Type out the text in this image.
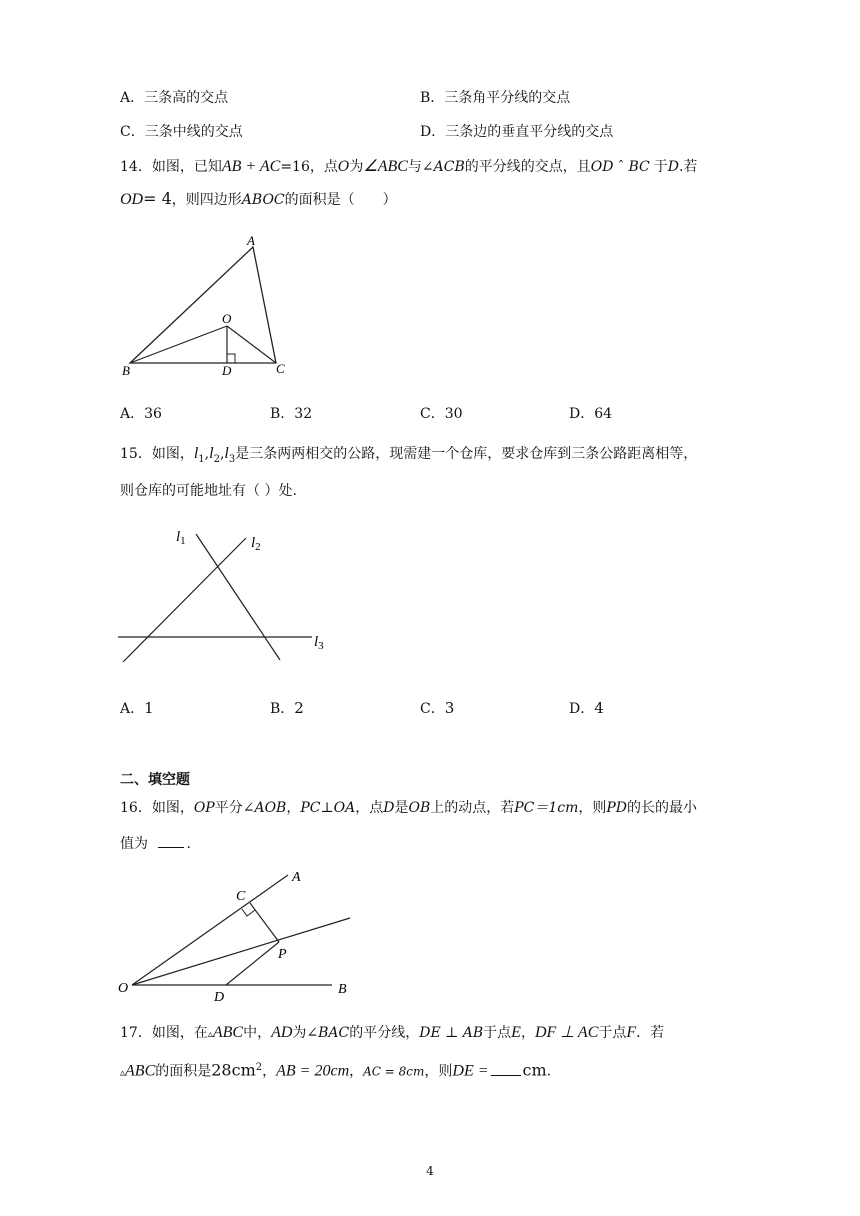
A．三条高的交点	B．三条角平分线的交点
C．三条中线的交点	D．三条边的垂直平分线的交点
14．如图，已知AB + AC=16，点O为∠ABC与∠ACB的平分线的交点，且OD ˆ BC 于D.若
OD= 4，则四边形ABOC的面积是（　　）
A
O
B	D	C
A．36	B．32	C．30	D．64
15．如图，$l_1,l_2,l_3$是三条两两相交的公路，现需建一个仓库，要求仓库到三条公路距离相等，
则仓库的可能地址有（ ）处.
$l_1$	$l_2$
$l_3$
A．1	B．2	C．3	D．4
二、填空题
16．如图，OP平分∠AOB，PC⊥OA，点D是OB上的动点，若PC＝1cm，则PD的长的最小
值为	.
C
A
P
O
D
B
17．如图，在▵ABC中，AD为∠BAC的平分线，DE ⊥ AB于点E，DF ⊥ AC于点F．若
▵ABC的面积是$28cm^2$，AB = 20cm，AC = 8cm，则DE = cm.
4
